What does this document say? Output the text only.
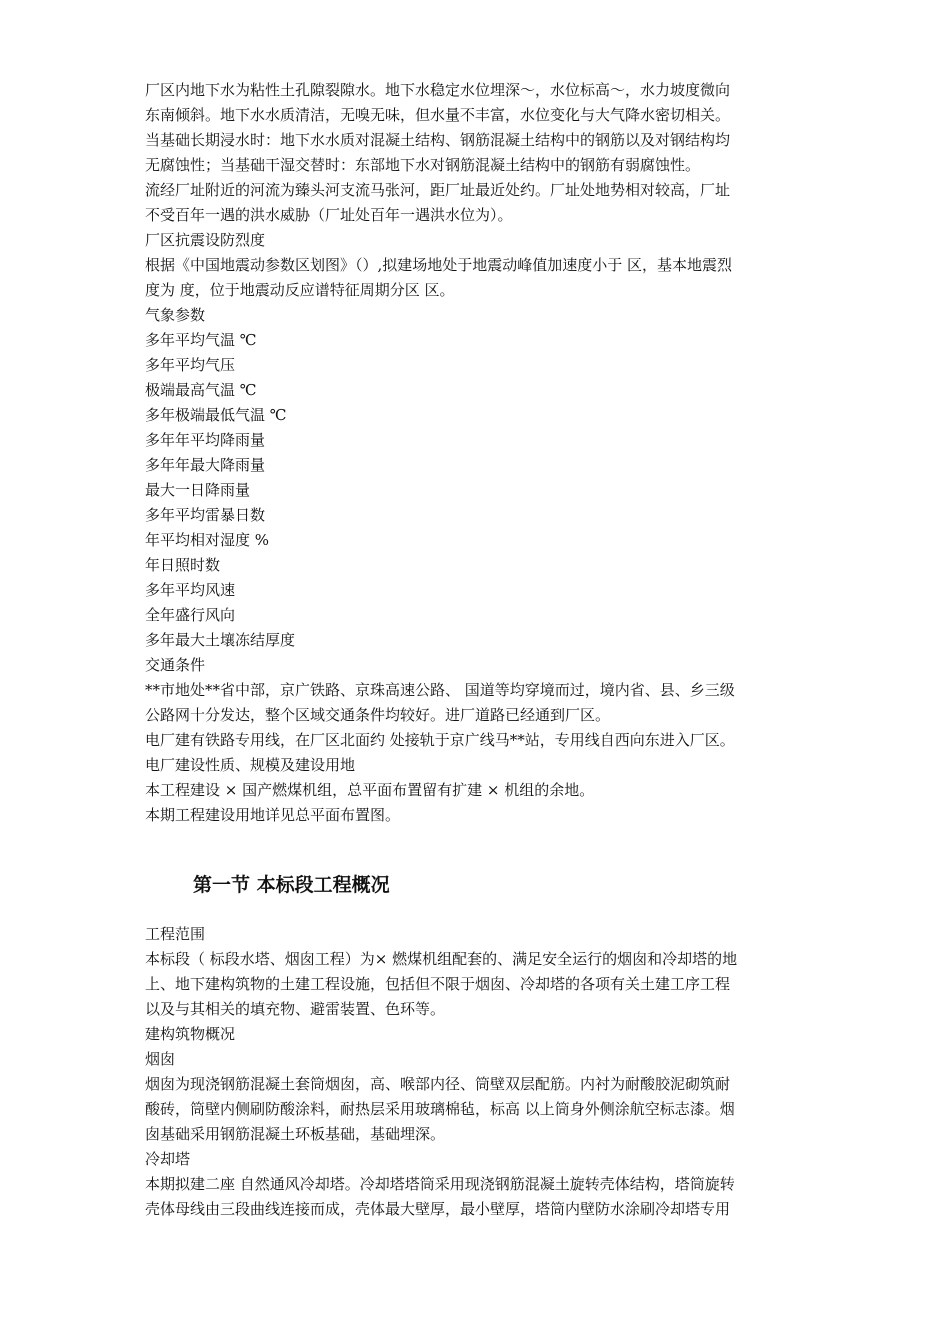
厂区内地下水为粘性土孔隙裂隙水。地下水稳定水位埋深～，水位标高～，水力坡度微向
东南倾斜。地下水水质清洁，无嗅无味，但水量不丰富，水位变化与大气降水密切相关。
当基础长期浸水时：地下水水质对混凝土结构、钢筋混凝土结构中的钢筋以及对钢结构均
无腐蚀性；当基础干湿交替时：东部地下水对钢筋混凝土结构中的钢筋有弱腐蚀性。
流经厂址附近的河流为臻头河支流马张河，距厂址最近处约。厂址处地势相对较高，厂址
不受百年一遇的洪水威胁（厂址处百年一遇洪水位为）。
厂区抗震设防烈度
根据《中国地震动参数区划图》（）,拟建场地处于地震动峰值加速度小于 区，基本地震烈
度为 度，位于地震动反应谱特征周期分区 区。
气象参数
多年平均气温 ℃
多年平均气压
极端最高气温 ℃
多年极端最低气温 ℃
多年年平均降雨量
多年年最大降雨量
最大一日降雨量
多年平均雷暴日数
年平均相对湿度 %
年日照时数
多年平均风速
全年盛行风向
多年最大土壤冻结厚度
交通条件
**市地处**省中部，京广铁路、京珠高速公路、 国道等均穿境而过，境内省、县、乡三级
公路网十分发达，整个区域交通条件均较好。进厂道路已经通到厂区。
电厂建有铁路专用线，在厂区北面约 处接轨于京广线马**站，专用线自西向东进入厂区。
电厂建设性质、规模及建设用地
本工程建设 × 国产燃煤机组，总平面布置留有扩建 × 机组的余地。
本期工程建设用地详见总平面布置图。
第一节 本标段工程概况
工程范围
本标段（ 标段水塔、烟囱工程）为× 燃煤机组配套的、满足安全运行的烟囱和冷却塔的地
上、地下建构筑物的土建工程设施，包括但不限于烟囱、冷却塔的各项有关土建工序工程
以及与其相关的填充物、避雷装置、色环等。
建构筑物概况
烟囱
烟囱为现浇钢筋混凝土套筒烟囱，高、喉部内径、筒壁双层配筋。内衬为耐酸胶泥砌筑耐
酸砖，筒壁内侧刷防酸涂料，耐热层采用玻璃棉毡，标高 以上筒身外侧涂航空标志漆。烟
囱基础采用钢筋混凝土环板基础，基础埋深。
冷却塔
本期拟建二座 自然通风冷却塔。冷却塔塔筒采用现浇钢筋混凝土旋转壳体结构，塔筒旋转
壳体母线由三段曲线连接而成，壳体最大壁厚，最小壁厚，塔筒内壁防水涂刷冷却塔专用
